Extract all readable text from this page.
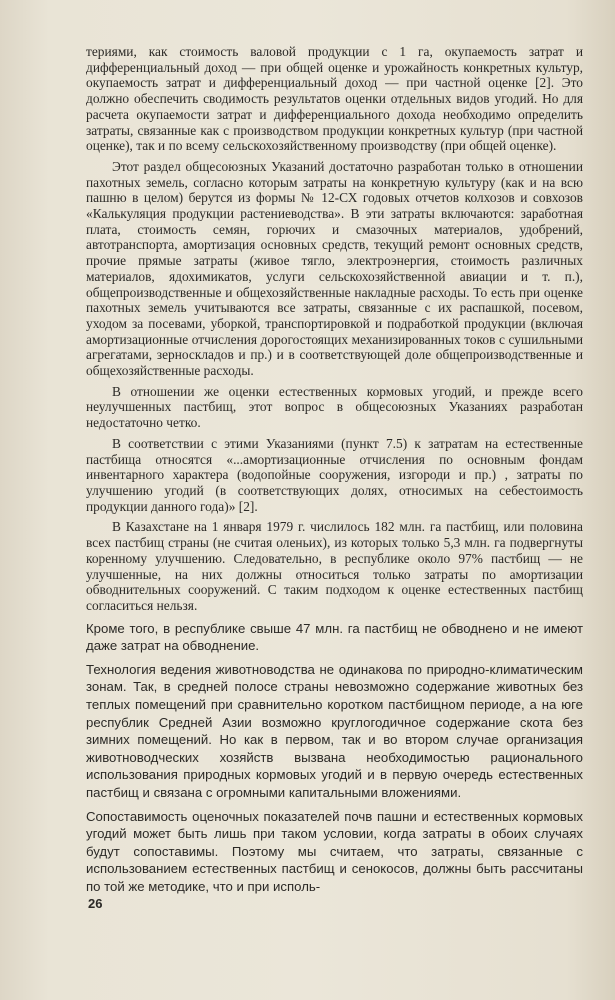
териями, как стоимость валовой продукции с 1 га, окупаемость затрат и дифференциальный доход — при общей оценке и урожайность конкретных культур, окупаемость затрат и дифференциальный доход — при частной оценке [2]. Это должно обеспечить сводимость результатов оценки отдельных видов угодий. Но для расчета окупаемости затрат и дифференциального дохода необходимо определить затраты, связанные как с производством продукции конкретных культур (при частной оценке), так и по всему сельскохозяйственному производству (при общей оценке).

Этот раздел общесоюзных Указаний достаточно разработан только в отношении пахотных земель, согласно которым затраты на конкретную культуру (как и на всю пашню в целом) берутся из формы № 12-СХ годовых отчетов колхозов и совхозов «Калькуляция продукции растениеводства». В эти затраты включаются: заработная плата, стоимость семян, горючих и смазочных материалов, удобрений, автотранспорта, амортизация основных средств, текущий ремонт основных средств, прочие прямые затраты (живое тягло, электроэнергия, стоимость различных материалов, ядохимикатов, услуги сельскохозяйственной авиации и т. п.), общепроизводственные и общехозяйственные накладные расходы. То есть при оценке пахотных земель учитываются все затраты, связанные с их распашкой, посевом, уходом за посевами, уборкой, транспортировкой и подработкой продукции (включая амортизационные отчисления дорогостоящих механизированных токов с сушильными агрегатами, зерноскладов и пр.) и в соответствующей доле общепроизводственные и общехозяйственные расходы.

В отношении же оценки естественных кормовых угодий, и прежде всего неулучшенных пастбищ, этот вопрос в общесоюзных Указаниях разработан недостаточно четко.

В соответствии с этими Указаниями (пункт 7.5) к затратам на естественные пастбища относятся «...амортизационные отчисления по основным фондам инвентарного характера (водопойные сооружения, изгороди и пр.) , затраты по улучшению угодий (в соответствующих долях, относимых на себестоимость продукции данного года)» [2].

В Казахстане на 1 января 1979 г. числилось 182 млн. га пастбищ, или половина всех пастбищ страны (не считая оленьих), из которых только 5,3 млн. га подвергнуты коренному улучшению. Следовательно, в республике около 97% пастбищ — не улучшенные, на них должны относиться только затраты по амортизации обводнительных сооружений. С таким подходом к оценке естественных пастбищ согласиться нельзя.

Кроме того, в республике свыше 47 млн. га пастбищ не обводнено и не имеют даже затрат на обводнение.

Технология ведения животноводства не одинакова по природно-климатическим зонам. Так, в средней полосе страны невозможно содержание животных без теплых помещений при сравнительно коротком пастбищном периоде, а на юге республик Средней Азии возможно круглогодичное содержание скота без зимних помещений. Но как в первом, так и во втором случае организация животноводческих хозяйств вызвана необходимостью рационального использования природных кормовых угодий и в первую очередь естественных пастбищ и связана с огромными капитальными вложениями.

Сопоставимость оценочных показателей почв пашни и естественных кормовых угодий может быть лишь при таком условии, когда затраты в обоих случаях будут сопоставимы. Поэтому мы считаем, что затраты, связанные с использованием естественных пастбищ и сенокосов, должны быть рассчитаны по той же методике, что и при исполь-

26
